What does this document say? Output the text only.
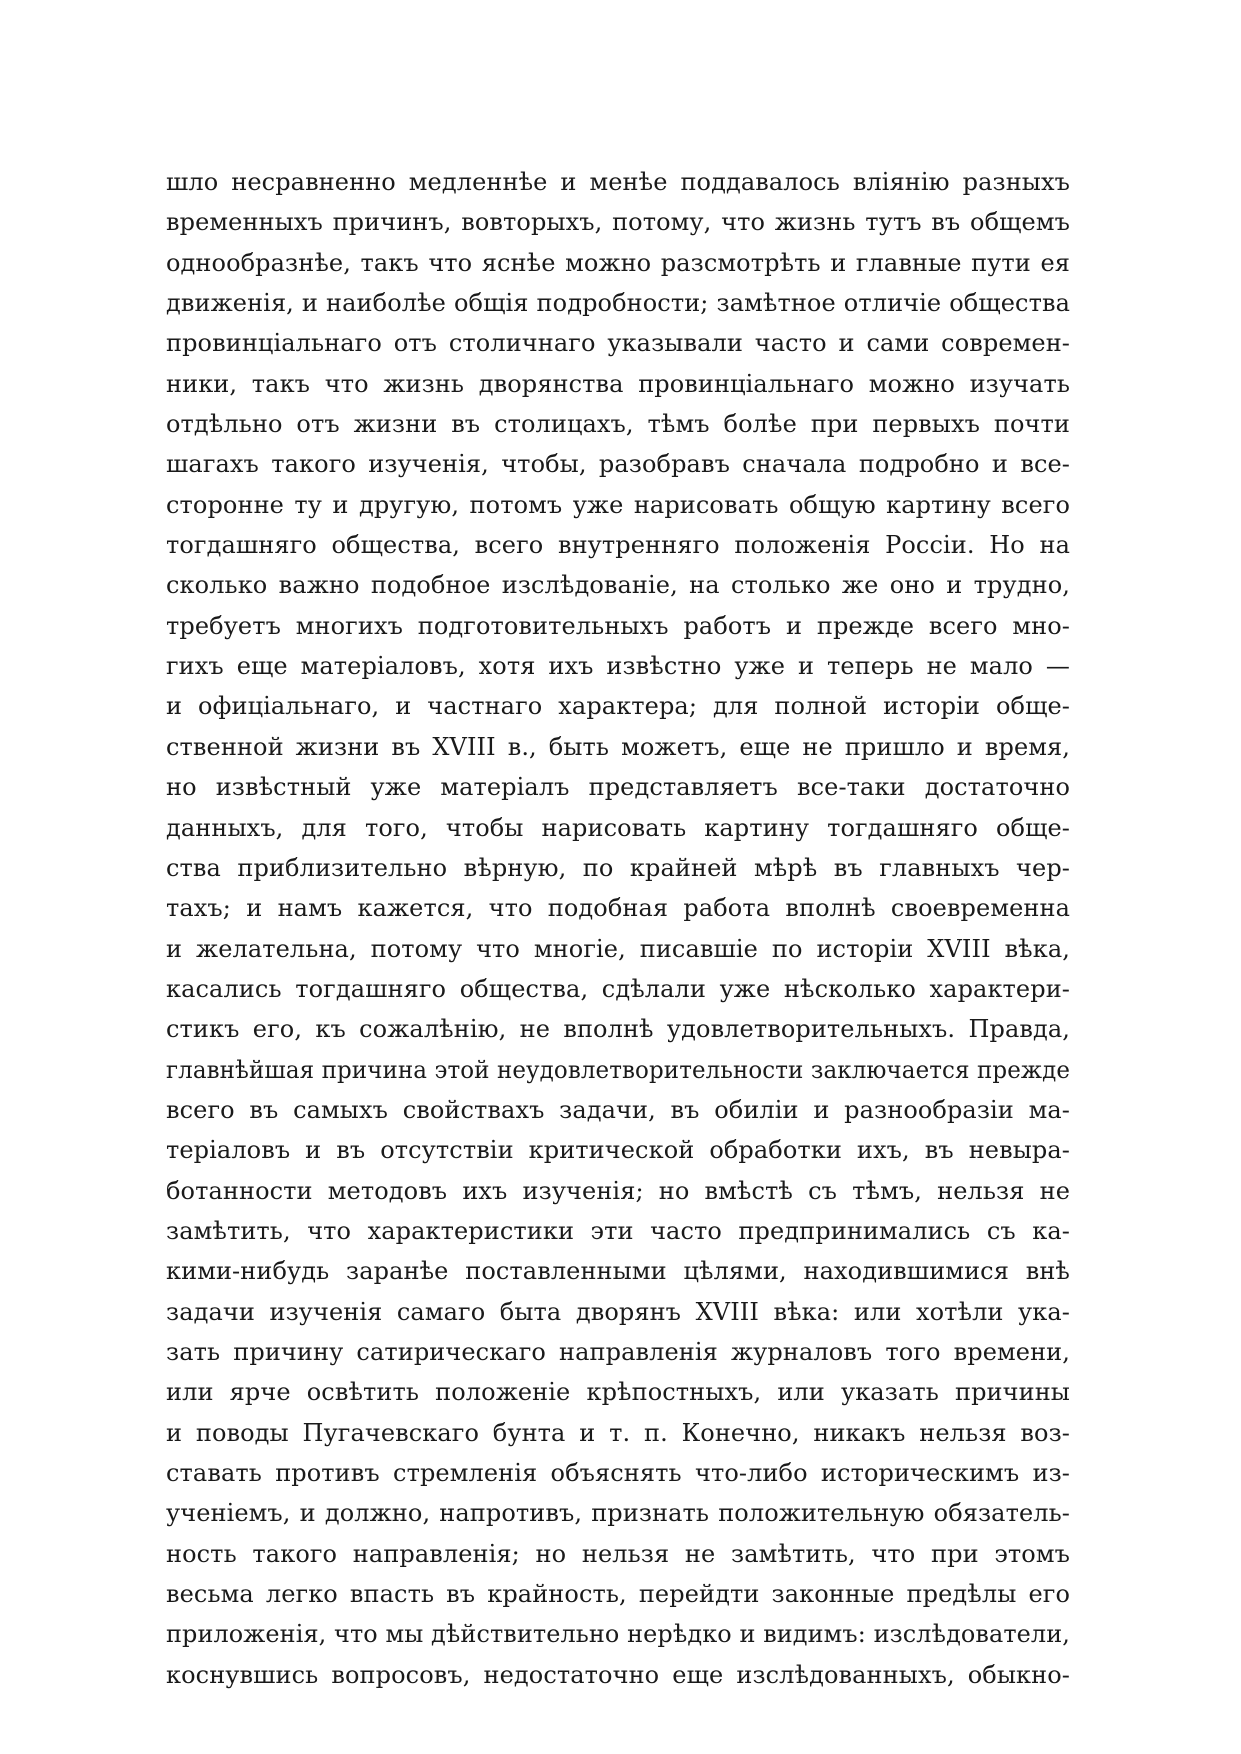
шло несравненно медленнѣе и менѣе поддавалось вліянію разныхъ
временныхъ причинъ, вовторыхъ, потому, что жизнь тутъ въ общемъ
однообразнѣе, такъ что яснѣе можно разсмотрѣть и главные пути ея
движенія, и наиболѣе общія подробности; замѣтное отличіе общества
провинціальнаго отъ столичнаго указывали часто и сами современ-
ники, такъ что жизнь дворянства провинціальнаго можно изучать
отдѣльно отъ жизни въ столицахъ, тѣмъ болѣе при первыхъ почти
шагахъ такого изученія, чтобы, разобравъ сначала подробно и все-
сторонне ту и другую, потомъ уже нарисовать общую картину всего
тогдашняго общества, всего внутренняго положенія Россіи. Но на
сколько важно подобное изслѣдованіе, на столько же оно и трудно,
требуетъ многихъ подготовительныхъ работъ и прежде всего мно-
гихъ еще матеріаловъ, хотя ихъ извѣстно уже и теперь не мало —
и офиціальнаго, и частнаго характера; для полной исторіи обще-
ственной жизни въ XVIII в., быть можетъ, еще не пришло и время,
но извѣстный уже матеріалъ представляетъ все-таки достаточно
данныхъ, для того, чтобы нарисовать картину тогдашняго обще-
ства приблизительно вѣрную, по крайней мѣрѣ въ главныхъ чер-
тахъ; и намъ кажется, что подобная работа вполнѣ своевременна
и желательна, потому что многіе, писавшіе по исторіи XVIII вѣка,
касались тогдашняго общества, сдѣлали уже нѣсколько характери-
стикъ его, къ сожалѣнію, не вполнѣ удовлетворительныхъ. Правда,
главнѣйшая причина этой неудовлетворительности заключается прежде
всего въ самыхъ свойствахъ задачи, въ обиліи и разнообразіи ма-
теріаловъ и въ отсутствіи критической обработки ихъ, въ невыра-
ботанности методовъ ихъ изученія; но вмѣстѣ съ тѣмъ, нельзя не
замѣтить, что характеристики эти часто предпринимались съ ка-
кими-нибудь заранѣе поставленными цѣлями, находившимися внѣ
задачи изученія самаго быта дворянъ XVIII вѣка: или хотѣли ука-
зать причину сатирическаго направленія журналовъ того времени,
или ярче освѣтить положеніе крѣпостныхъ, или указать причины
и поводы Пугачевскаго бунта и т. п. Конечно, никакъ нельзя воз-
ставать противъ стремленія объяснять что-либо историческимъ из-
ученіемъ, и должно, напротивъ, признать положительную обязатель-
ность такого направленія; но нельзя не замѣтить, что при этомъ
весьма легко впасть въ крайность, перейдти законные предѣлы его
приложенія, что мы дѣйствительно нерѣдко и видимъ: изслѣдователи,
коснувшись вопросовъ, недостаточно еще изслѣдованныхъ, обыкно-
